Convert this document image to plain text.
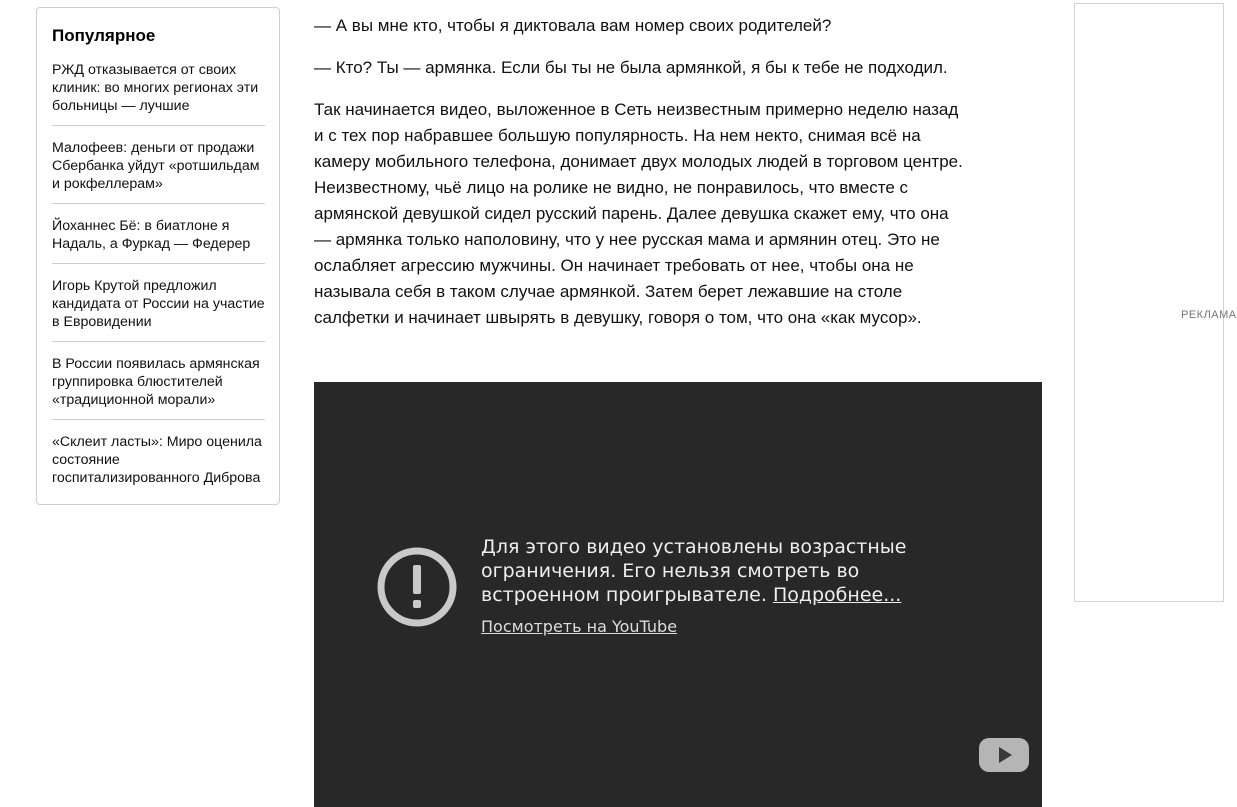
Популярное
РЖД отказывается от своих клиник: во многих регионах эти больницы — лучшие
Малофеев: деньги от продажи Сбербанка уйдут «ротшильдам и рокфеллерам»
Йоханнес Бё: в биатлоне я Надаль, а Фуркад — Федерер
Игорь Крутой предложил кандидата от России на участие в Евровидении
В России появилась армянская группировка блюстителей «традиционной морали»
«Склеит ласты»: Миро оценила состояние госпитализированного Диброва

— А вы мне кто, чтобы я диктовала вам номер своих родителей?

— Кто? Ты — армянка. Если бы ты не была армянкой, я бы к тебе не подходил.

Так начинается видео, выложенное в Сеть неизвестным примерно неделю назад и с тех пор набравшее большую популярность. На нем некто, снимая всё на камеру мобильного телефона, донимает двух молодых людей в торговом центре. Неизвестному, чьё лицо на ролике не видно, не понравилось, что вместе с армянской девушкой сидел русский парень. Далее девушка скажет ему, что она — армянка только наполовину, что у нее русская мама и армянин отец. Это не ослабляет агрессию мужчины. Он начинает требовать от нее, чтобы она не называла себя в таком случае армянкой. Затем берет лежавшие на столе салфетки и начинает швырять в девушку, говоря о том, что она «как мусор».

Для этого видео установлены возрастные ограничения. Его нельзя смотреть во встроенном проигрывателе. Подробнее...
Посмотреть на YouTube
РЕКЛАМА
